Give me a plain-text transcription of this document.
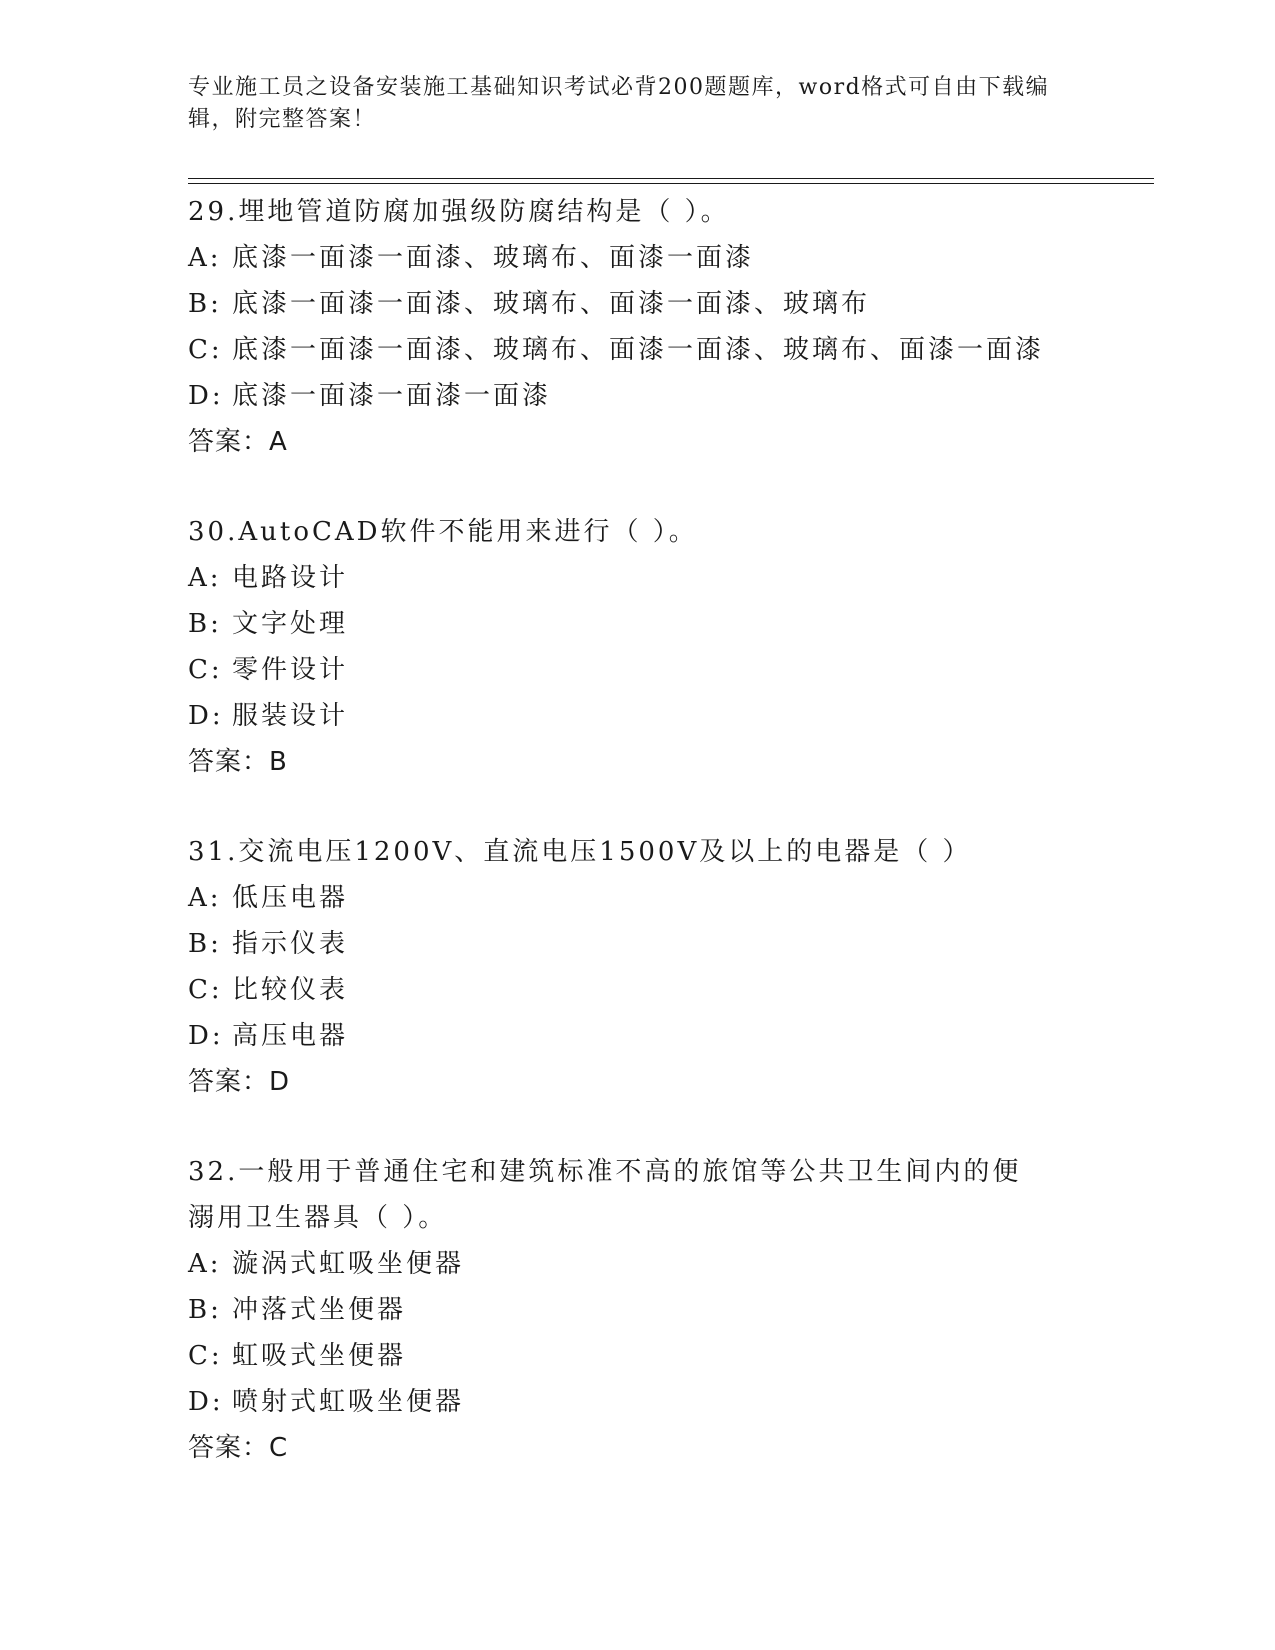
专业施工员之设备安装施工基础知识考试必背200题题库，word格式可自由下载编辑，附完整答案！

29.埋地管道防腐加强级防腐结构是（ ）。

A: 底漆一面漆一面漆、玻璃布、面漆一面漆

B: 底漆一面漆一面漆、玻璃布、面漆一面漆、玻璃布

C: 底漆一面漆一面漆、玻璃布、面漆一面漆、玻璃布、面漆一面漆

D: 底漆一面漆一面漆一面漆

答案：A

30.AutoCAD软件不能用来进行（ ）。

A: 电路设计

B: 文字处理

C: 零件设计

D: 服装设计

答案：B

31.交流电压1200V、直流电压1500V及以上的电器是（ ）

A: 低压电器

B: 指示仪表

C: 比较仪表

D: 高压电器

答案：D

32.一般用于普通住宅和建筑标准不高的旅馆等公共卫生间内的便溺用卫生器具（ ）。

A: 漩涡式虹吸坐便器

B: 冲落式坐便器

C: 虹吸式坐便器

D: 喷射式虹吸坐便器

答案：C
